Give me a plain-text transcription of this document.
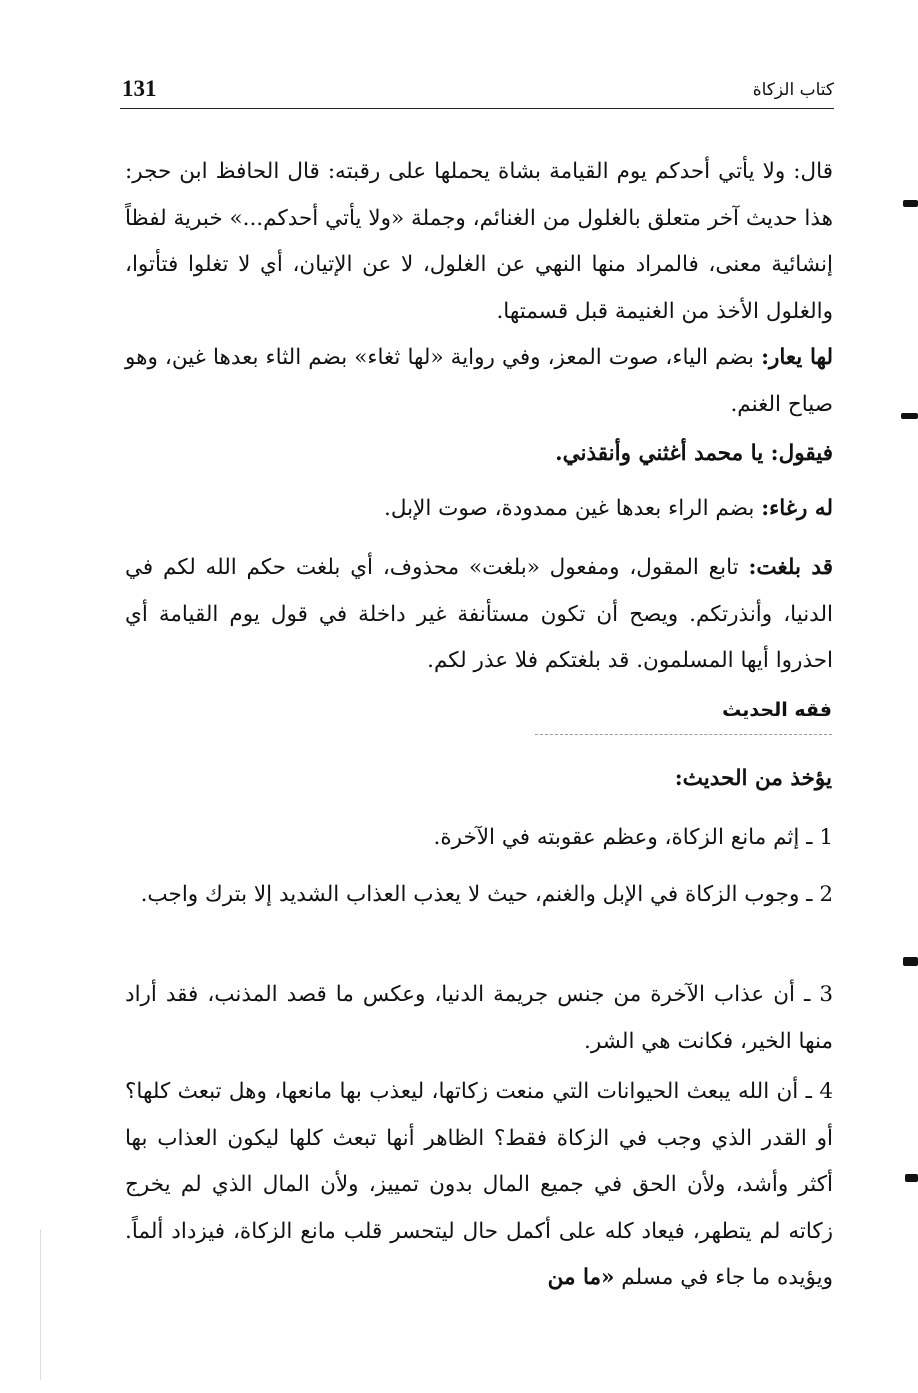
131	كتاب الزكاة

قال: ولا يأتي أحدكم يوم القيامة بشاة يحملها على رقبته: قال الحافظ ابن حجر: هذا حديث آخر متعلق بالغلول من الغنائم، وجملة «ولا يأتي أحدكم...» خبرية لفظاً إنشائية معنى، فالمراد منها النهي عن الغلول، لا عن الإتيان، أي لا تغلوا فتأتوا، والغلول الأخذ من الغنيمة قبل قسمتها.

لها يعار: بضم الياء، صوت المعز، وفي رواية «لها ثغاء» بضم الثاء بعدها غين، وهو صياح الغنم.

فيقول: يا محمد أغثني وأنقذني.

له رغاء: بضم الراء بعدها غين ممدودة، صوت الإبل.

قد بلغت: تابع المقول، ومفعول «بلغت» محذوف، أي بلغت حكم الله لكم في الدنيا، وأنذرتكم. ويصح أن تكون مستأنفة غير داخلة في قول يوم القيامة أي احذروا أيها المسلمون. قد بلغتكم فلا عذر لكم.

فقه الحديث

يؤخذ من الحديث:

1 ـ إثم مانع الزكاة، وعظم عقوبته في الآخرة.

2 ـ وجوب الزكاة في الإبل والغنم، حيث لا يعذب العذاب الشديد إلا بترك واجب.

3 ـ أن عذاب الآخرة من جنس جريمة الدنيا، وعكس ما قصد المذنب، فقد أراد منها الخير، فكانت هي الشر.

4 ـ أن الله يبعث الحيوانات التي منعت زكاتها، ليعذب بها مانعها، وهل تبعث كلها؟ أو القدر الذي وجب في الزكاة فقط؟ الظاهر أنها تبعث كلها ليكون العذاب بها أكثر وأشد، ولأن الحق في جميع المال بدون تمييز، ولأن المال الذي لم يخرج زكاته لم يتطهر، فيعاد كله على أكمل حال ليتحسر قلب مانع الزكاة، فيزداد ألماً. ويؤيده ما جاء في مسلم «ما من
